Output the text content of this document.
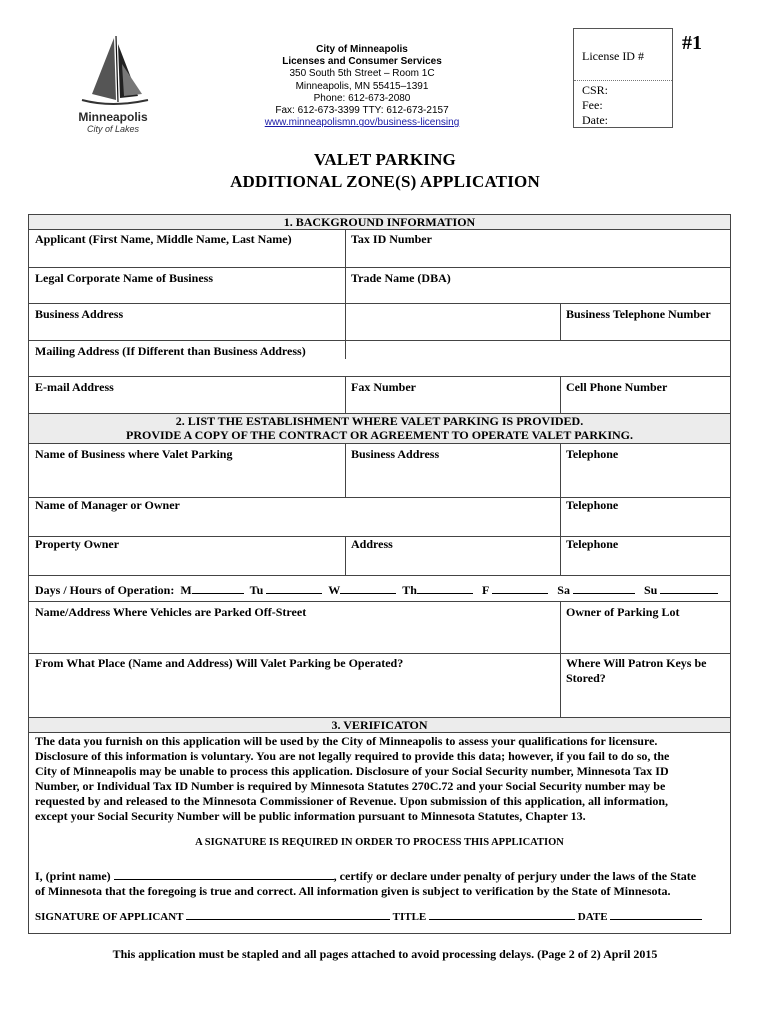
Minneapolis
City of Lakes
City of Minneapolis
Licenses and Consumer Services
350 South 5th Street – Room 1C
Minneapolis, MN 55415–1391
Phone: 612-673-2080
Fax: 612-673-3399 TTY: 612-673-2157
www.minneapolismn.gov/business-licensing
License ID #
CSR:
Fee:
Date:
#1
VALET PARKING
ADDITIONAL ZONE(S) APPLICATION
1. BACKGROUND INFORMATION
Applicant (First Name, Middle Name, Last Name)	Tax ID Number
Legal Corporate Name of Business	Trade Name (DBA)
Business Address	Business Telephone Number
Mailing Address (If Different than Business Address)
E-mail Address	Fax Number	Cell Phone Number
2. LIST THE ESTABLISHMENT WHERE VALET PARKING IS PROVIDED.
PROVIDE A COPY OF THE CONTRACT OR AGREEMENT TO OPERATE VALET PARKING.
Name of Business where Valet Parking	Business Address	Telephone
Name of Manager or Owner	Telephone
Property Owner	Address	Telephone
Days / Hours of Operation: M	Tu	W	Th	F	Sa	Su
Name/Address Where Vehicles are Parked Off-Street	Owner of Parking Lot
From What Place (Name and Address) Will Valet Parking be Operated?	Where Will Patron Keys be
Stored?
3. VERIFICATON
The data you furnish on this application will be used by the City of Minneapolis to assess your qualifications for licensure.
Disclosure of this information is voluntary. You are not legally required to provide this data; however, if you fail to do so, the
City of Minneapolis may be unable to process this application. Disclosure of your Social Security number, Minnesota Tax ID
Number, or Individual Tax ID Number is required by Minnesota Statutes 270C.72 and your Social Security number may be
requested by and released to the Minnesota Commissioner of Revenue. Upon submission of this application, all information,
except your Social Security Number will be public information pursuant to Minnesota Statutes, Chapter 13.
A SIGNATURE IS REQUIRED IN ORDER TO PROCESS THIS APPLICATION
I, (print name)	, certify or declare under penalty of perjury under the laws of the State
of Minnesota that the foregoing is true and correct. All information given is subject to verification by the State of Minnesota.
SIGNATURE OF APPLICANT	TITLE	DATE
This application must be stapled and all pages attached to avoid processing delays. (Page 2 of 2) April 2015
